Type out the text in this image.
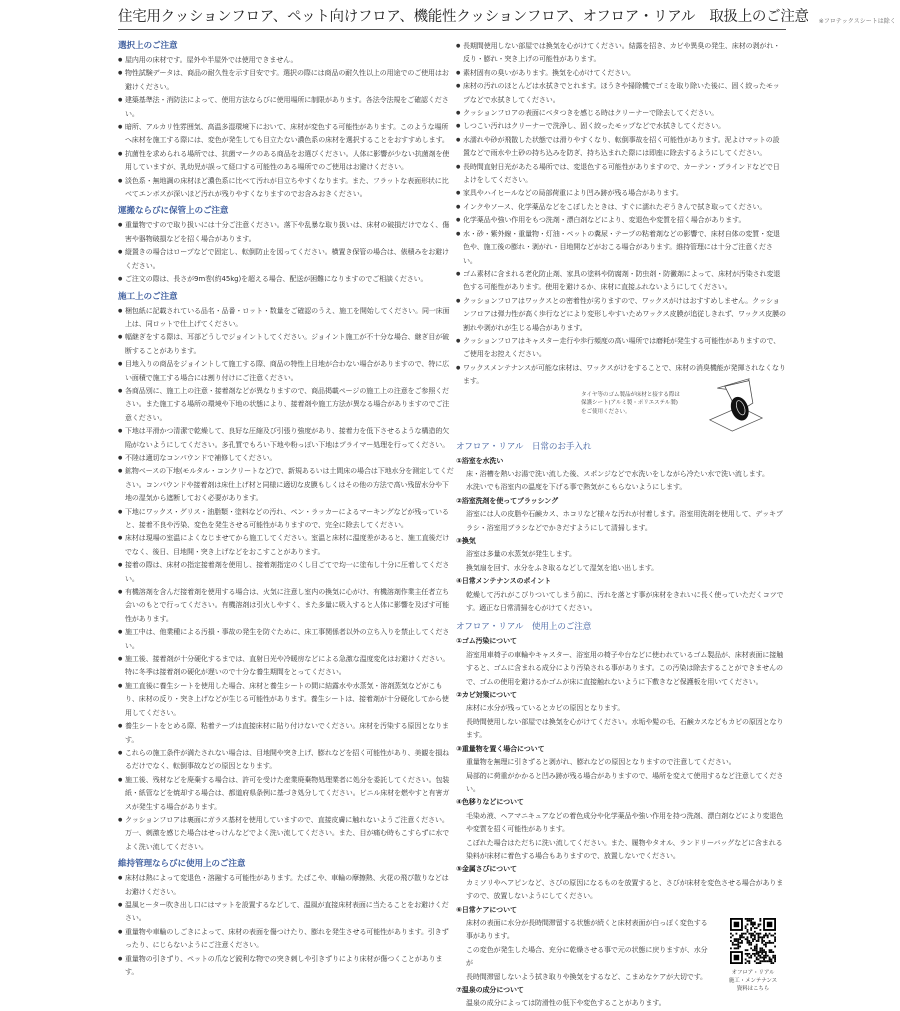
住宅用クッションフロア、ペット向けフロア、機能性クッションフロア、オフロア・リアル　取扱上のご注意 ※フロテックスシートは除く
選択上のご注意
● 屋内用の床材です。屋外や半屋外では使用できません。
● 物性試験データは、商品の耐久性を示す目安です。選択の際には商品の耐久性以上の用途でのご使用はお避けください。
● 建築基準法・消防法によって、使用方法ならびに使用場所に制限があります。各法令法規をご確認ください。
● 暗所、アルカリ性雰囲気、高温多湿環境下において、床材が変色する可能性があります。このような場所へ床材を施工する際には、変色が発生しても目立たない濃色系の床材を選択することをおすすめします。
● 抗菌性を求められる場所では、抗菌マークのある商品をお選びください。人体に影響が少ない抗菌剤を使用していますが、乳幼児が誤って経口する可能性のある場所でのご使用はお避けください。
● 淡色系・無地調の床材ほど濃色系に比べて汚れが目立ちやすくなります。また、フラットな表面形状に比べてエンボスが深いほど汚れが残りやすくなりますのでお含みおきください。
運搬ならびに保管上のご注意
● 重量物ですので取り扱いには十分ご注意ください。落下や乱暴な取り扱いは、床材の破損だけでなく、傷害や器物破損などを招く場合があります。
● 縦置きの場合はロープなどで固定し、転倒防止を図ってください。横置き保管の場合は、俵積みをお避けください。
● ご注文の際は、長さが9m巻(約45kg)を超える場合、配送が困難になりますのでご相談ください。
施工上のご注意
● 梱包紙に記載されている品名・品番・ロット・数量をご確認のうえ、施工を開始してください。同一床面上は、同ロットで仕上げてください。
● 幅継ぎをする際は、耳部どうしでジョイントしてください。ジョイント施工が不十分な場合、継ぎ目が破断することがあります。
● 目地入りの商品をジョイントして施工する際、商品の特性上目地が合わない場合がありますので、特に広い面積で施工する場合には割り付けにご注意ください。
● 各商品別に、施工上の注意・接着剤などが異なりますので、商品掲載ページの施工上の注意をご参照ください。また施工する場所の環境や下地の状態により、接着剤や施工方法が異なる場合がありますのでご注意ください。
● 下地は平滑かつ清潔で乾燥して、良好な圧縮及び引張り強度があり、接着力を低下させるような構造的欠陥がないようにしてください。多孔質でもろい下地や粉っぽい下地はプライマー処理を行ってください。
● 不陸は適切なコンパウンドで補修してください。
● 鉱物ベースの下地(モルタル・コンクリートなど)で、新規あるいは土間床の場合は下地水分を測定してください。コンパウンドや接着剤は床仕上げ材と同様に適切な皮膜もしくはその他の方法で高い残留水分や下地の湿気から遮断しておく必要があります。
● 下地にワックス・グリス・油脂類・塗料などの汚れ、ペン・ラッカーによるマーキングなどが残っていると、接着不良や汚染、変色を発生させる可能性がありますので、完全に除去してください。
● 床材は現場の室温によくなじませてから施工してください。室温と床材に温度差があると、施工直後だけでなく、後日、目地開・突き上げなどをおこすことがあります。
● 接着の際は、床材の指定接着剤を使用し、接着剤指定のくし目ごてで均一に塗布し十分に圧着してください。
● 有機溶剤を含んだ接着剤を使用する場合は、火気に注意し室内の換気に心がけ、有機溶剤作業主任者立ち会いのもとで行ってください。有機溶剤は引火しやすく、また多量に吸入すると人体に影響を及ぼす可能性があります。
● 施工中は、他業種による汚損・事故の発生を防ぐために、床工事関係者以外の立ち入りを禁止してください。
● 施工後、接着剤が十分硬化するまでは、直射日光や冷暖房などによる急激な温度変化はお避けください。特に冬季は接着剤の硬化が遅いので十分な養生期間をとってください。
● 施工直後に養生シートを使用した場合、床材と養生シートの間に結露水や水蒸気・溶剤蒸気などがこもり、床材の反り・突き上げなどが生じる可能性があります。養生シートは、接着剤が十分硬化してから使用してください。
● 養生シートをとめる際、粘着テープは直接床材に貼り付けないでください。床材を汚染する原因となります。
● これらの施工条件が満たされない場合は、目地開や突き上げ、膨れなどを招く可能性があり、美観を損ねるだけでなく、転倒事故などの原因となります。
● 施工後、残材などを廃棄する場合は、許可を受けた産業廃棄物処理業者に処分を委託してください。包装紙・紙管などを焼却する場合は、都道府県条例に基づき処分してください。ビニル床材を燃やすと有害ガスが発生する場合があります。
● クッションフロアは裏面にガラス基材を使用していますので、直接皮膚に触れないようご注意ください。万一、刺激を感じた場合はせっけんなどでよく洗い流してください。また、目が痛む時もこすらずに水でよく洗い流してください。
維持管理ならびに使用上のご注意
● 床材は熱によって変退色・溶融する可能性があります。たばこや、車輪の摩擦熱、火花の飛び散りなどはお避けください。
● 温風ヒーター吹き出し口にはマットを設置するなどして、温風が直接床材表面に当たることをお避けください。
● 重量物や車輪のしごきによって、床材の表面を傷つけたり、膨れを発生させる可能性があります。引きずったり、にじらないようにご注意ください。
● 重量物の引きずり、ペットの爪など鋭利な物での突き刺しや引きずりにより床材が傷つくことがあります。
● 長期間使用しない部屋では換気を心がけてください。結露を招き、カビや異臭の発生、床材の剥がれ・反り・膨れ・突き上げの可能性があります。
● 素材固有の臭いがあります。換気を心がけてください。
● 床材の汚れのほとんどは水拭きでとれます。ほうきや掃除機でゴミを取り除いた後に、固く絞ったモップなどで水拭きしてください。
● クッションフロアの表面にベタつきを感じる時はクリーナーで除去してください。
● しつこい汚れはクリーナーで洗浄し、固く絞ったモップなどで水拭きしてください。
● 水濡れや砂が飛散した状態では滑りやすくなり、転倒事故を招く可能性があります。泥よけマットの設置などで雨水や土砂の持ち込みを防ぎ、持ち込まれた際には即座に除去するようにしてください。
● 長時間直射日光があたる場所では、変退色する可能性がありますので、カーテン・ブラインドなどで日よけをしてください。
● 家具やハイヒールなどの局部荷重により凹み跡が残る場合があります。
● インクやソース、化学薬品などをこぼしたときは、すぐに濡れたぞうきんで拭き取ってください。
● 化学薬品や強い作用をもつ洗剤・漂白剤などにより、変退色や変質を招く場合があります。
● 水・砂・紫外線・重量物・灯油・ペットの糞尿・テープの粘着剤などの影響で、床材自体の変質・変退色や、施工後の膨れ・剥がれ・目地開などがおこる場合があります。維持管理には十分ご注意ください。
● ゴム素材に含まれる老化防止剤、家具の塗料や防腐剤・防虫剤・防黴剤によって、床材が汚染され変退色する可能性があります。使用を避けるか、床材に直接ふれないようにしてください。
● クッションフロアはワックスとの密着性が劣りますので、ワックスがけはおすすめしません。クッションフロアは弾力性が高く歩行などにより変形しやすいためワックス皮膜が追従しきれず、ワックス皮膜の割れや剥がれが生じる場合があります。
● クッションフロアはキャスター走行や歩行頻度の高い場所では磨耗が発生する可能性がありますので、ご使用をお控えください。
● ワックスメンテナンスが可能な床材は、ワックスがけをすることで、床材の消臭機能が発揮されなくなります。
タイヤ等のゴム製品が床材と接する際は
保護シート(アルミ製・ポリエステル製)
をご使用ください。
オフロア・リアル　日常のお手入れ
①浴室を水洗い
床・浴槽を熱いお湯で洗い流した後、スポンジなどで水洗いをしながら冷たい水で洗い流します。
水洗いでも浴室内の温度を下げる事で熱気がこもらないようにします。
②浴室洗剤を使ってブラッシング
浴室には人の皮脂や石鹸カス、ホコリなど様々な汚れが付着します。浴室用洗剤を使用して、デッキブラシ・浴室用ブラシなどでかきだすようにして清掃します。
③換気
浴室は多量の水蒸気が発生します。
換気扇を回す、水分をふき取るなどして湿気を追い出します。
④日常メンテナンスのポイント
乾燥して汚れがこびりついてしまう前に、汚れを落とす事が床材をきれいに長く使っていただくコツです。適正な日常清掃を心がけてください。
オフロア・リアル　使用上のご注意
①ゴム汚染について
浴室用車椅子の車輪やキャスター、浴室用の椅子や台などに使われているゴム製品が、床材表面に接触すると、ゴムに含まれる成分により汚染される事があります。この汚染は除去することができませんので、ゴムの使用を避けるかゴムが床に直接触れないように下敷きなど保護板を用いてください。
②カビ対策について
床材に水分が残っているとカビの原因となります。
長時間使用しない部屋では換気を心がけてください。水垢や髪の毛、石鹸カスなどもカビの原因となります。
③重量物を置く場合について
重量物を無理に引きずると剥がれ、膨れなどの原因となりますので注意してください。
局部的に荷重がかかると凹み跡が残る場合がありますので、場所を変えて使用するなど注意してください。
④色移りなどについて
毛染め液、ヘアマニキュアなどの着色成分や化学薬品や強い作用を持つ洗剤、漂白剤などにより変退色や変質を招く可能性があります。
こぼれた場合はただちに洗い流してください。また、履物やタオル、ランドリーバッグなどに含まれる染料が床材に着色する場合もありますので、放置しないでください。
⑤金属さびについて
カミソリやヘアピンなど、さびの原因になるものを放置すると、さびが床材を変色させる場合がありますので、放置しないようにしてください。
オフロア・リアル
施工・メンテナンス
資料はこちら
⑥日常ケアについて
床材の表面に水分が長時間滞留する状態が続くと床材表面が白っぽく変色する事があります。
この変色が発生した場合、充分に乾燥させる事で元の状態に戻りますが、水分が
長時間滞留しないよう拭き取りや換気をするなど、こまめなケアが大切です。
⑦温泉の成分について
温泉の成分によっては防滑性の低下や変色することがあります。
